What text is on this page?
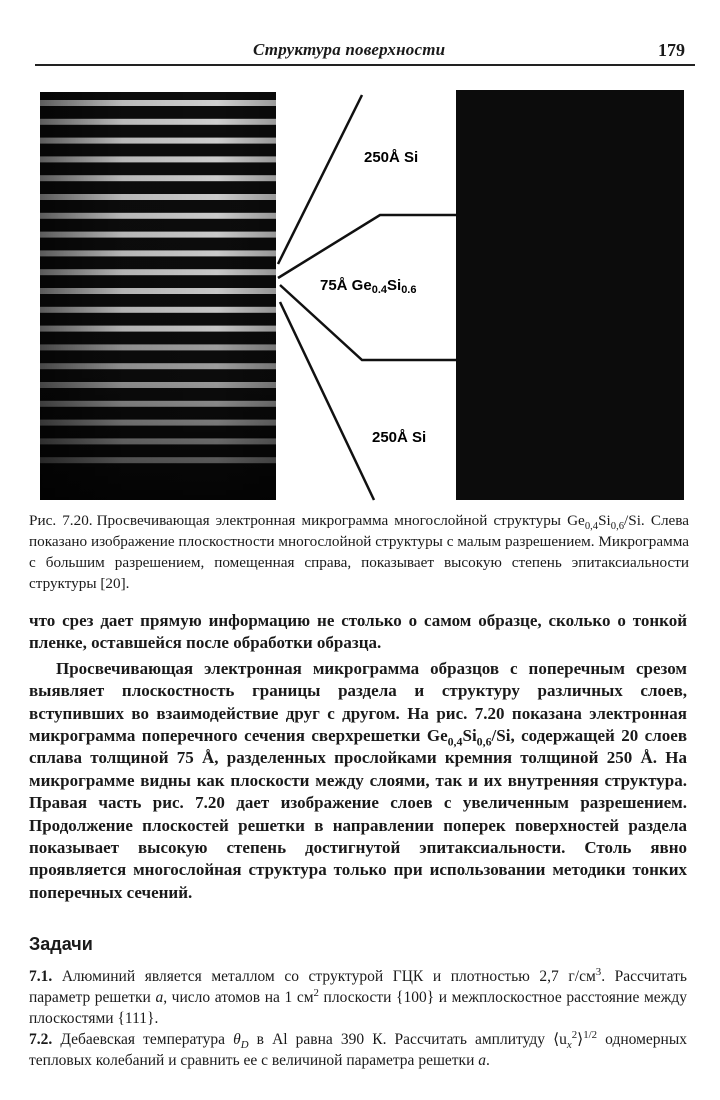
Структура поверхности	179
250Å Si
75Å $Ge_{0.4}Si_{0.6}$
250Å Si
Рис. 7.20. Просвечивающая электронная микрограмма многослойной структуры $Ge_{0,4}Si_{0,6}/Si$. Слева показано изображение плоскостности многослойной структуры с малым разрешением. Микрограмма с большим разрешением, помещенная справа, показывает высокую степень эпитаксиальности структуры [20].

что срез дает прямую информацию не столько о самом образце, сколько о тонкой пленке, оставшейся после обработки образца.

Просвечивающая электронная микрограмма образцов с поперечным срезом выявляет плоскостность границы раздела и структуру различных слоев, вступивших во взаимодействие друг с другом. На рис. 7.20 показана электронная микрограмма поперечного сечения сверхрешетки $Ge_{0,4}Si_{0,6}/Si$, содержащей 20 слоев сплава толщиной 75 Å, разделенных прослойками кремния толщиной 250 Å. На микрограмме видны как плоскости между слоями, так и их внутренняя структура. Правая часть рис. 7.20 дает изображение слоев с увеличенным разрешением. Продолжение плоскостей решетки в направлении поперек поверхностей раздела показывает высокую степень достигнутой эпитаксиальности. Столь явно проявляется многослойная структура только при использовании методики тонких поперечных сечений.

Задачи

7.1. Алюминий является металлом со структурой ГЦК и плотностью 2,7 $г/см^3$. Рассчитать параметр решетки a, число атомов на 1 $см^2$ плоскости {100} и межплоскостное расстояние между плоскостями {111}.

7.2. Дебаевская температура $\theta_D$ в Al равна 390 К. Рассчитать амплитуду $⟨u_x^2⟩^{1/2}$ одномерных тепловых колебаний и сравнить ее с величиной параметра решетки a.
